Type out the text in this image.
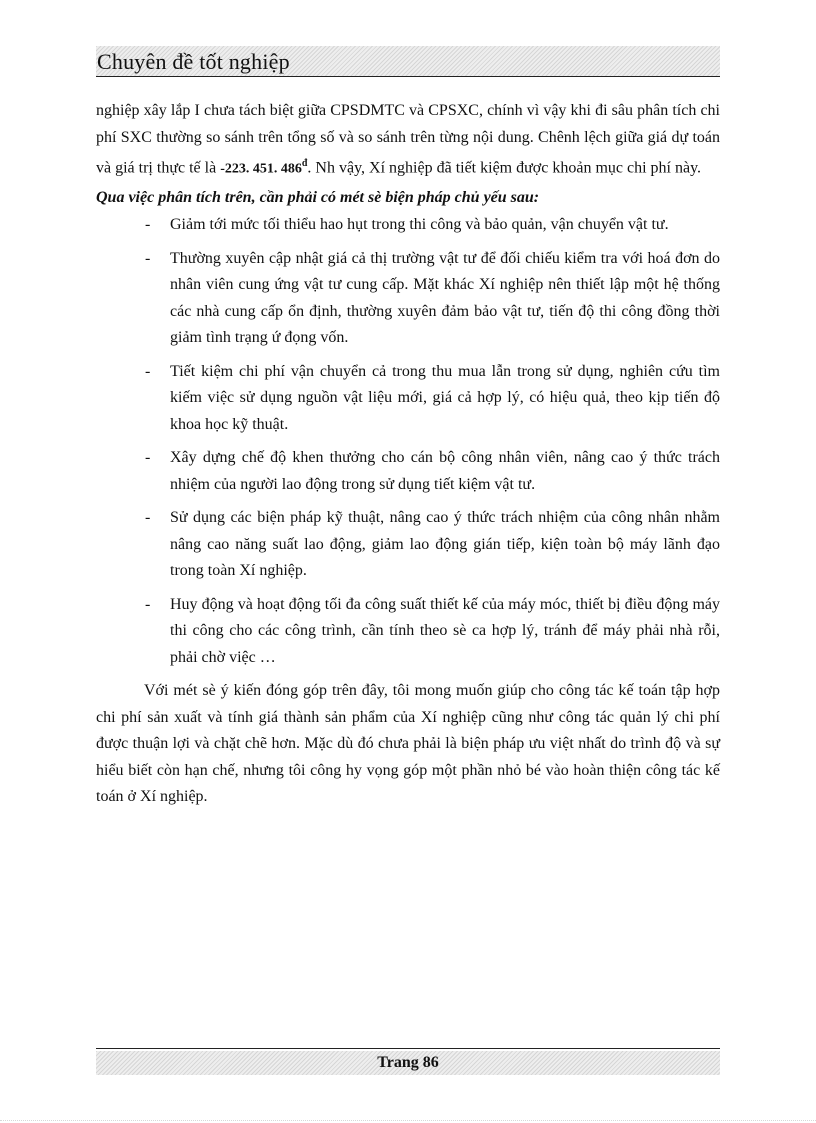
Chuyên đề tốt nghiệp

nghiệp xây lắp I chưa tách biệt giữa CPSDMTC và CPSXC, chính vì vậy khi đi sâu phân tích chi phí SXC thường so sánh trên tổng số và so sánh trên từng nội dung. Chênh lệch giữa giá dự toán và giá trị thực tế là -223. 451. $486^đ$. Nh vậy, Xí nghiệp đã tiết kiệm được khoản mục chi phí này.

Qua việc phân tích trên, cần phải có mét sè biện pháp chủ yếu sau:

- Giảm tới mức tối thiểu hao hụt trong thi công và bảo quản, vận chuyển vật tư.
- Thường xuyên cập nhật giá cả thị trường vật tư để đối chiếu kiểm tra với hoá đơn do nhân viên cung ứng vật tư cung cấp. Mặt khác Xí nghiệp nên thiết lập một hệ thống các nhà cung cấp ổn định, thường xuyên đảm bảo vật tư, tiến độ thi công đồng thời giảm tình trạng ứ đọng vốn.
- Tiết kiệm chi phí vận chuyển cả trong thu mua lẫn trong sử dụng, nghiên cứu tìm kiếm việc sử dụng nguồn vật liệu mới, giá cả hợp lý, có hiệu quả, theo kịp tiến độ khoa học kỹ thuật.
- Xây dựng chế độ khen thưởng cho cán bộ công nhân viên, nâng cao ý thức trách nhiệm của người lao động trong sử dụng tiết kiệm vật tư.
- Sử dụng các biện pháp kỹ thuật, nâng cao ý thức trách nhiệm của công nhân nhằm nâng cao năng suất lao động, giảm lao động gián tiếp, kiện toàn bộ máy lãnh đạo trong toàn Xí nghiệp.
- Huy động và hoạt động tối đa công suất thiết kế của máy móc, thiết bị điều động máy thi công cho các công trình, cần tính theo sè ca hợp lý, tránh để máy phải nhà rỗi, phải chờ việc …

Với mét sè ý kiến đóng góp trên đây, tôi mong muốn giúp cho công tác kế toán tập hợp chi phí sản xuất và tính giá thành sản phẩm của Xí nghiệp cũng như công tác quản lý chi phí được thuận lợi và chặt chẽ hơn. Mặc dù đó chưa phải là biện pháp ưu việt nhất do trình độ và sự hiểu biết còn hạn chế, nhưng tôi công hy vọng góp một phần nhỏ bé vào hoàn thiện công tác kế toán ở Xí nghiệp.

Trang 86
